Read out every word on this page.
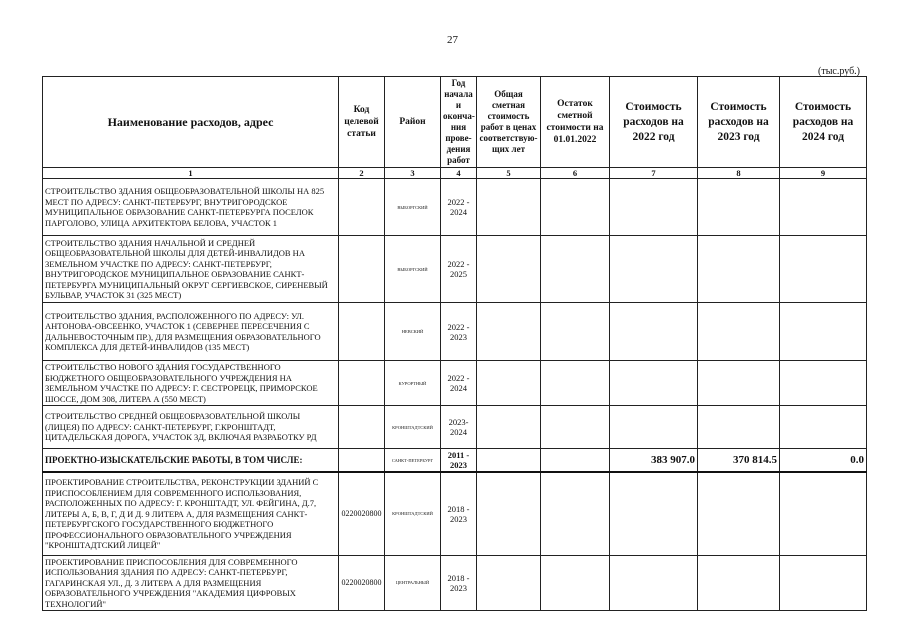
27
(тыс.руб.)
Наименование расходов, адрес	Код целевой статьи	Район	Год начала и оконча-ния прове-дения работ	Общая сметная стоимость работ в ценах соответствую-щих лет	Остаток сметной стоимости на 01.01.2022	Стоимость расходов на 2022 год	Стоимость расходов на 2023 год	Стоимость расходов на 2024 год
1	2	3	4	5	6	7	8	9
СТРОИТЕЛЬСТВО ЗДАНИЯ ОБЩЕОБРАЗОВАТЕЛЬНОЙ ШКОЛЫ НА 825 МЕСТ ПО АДРЕСУ: САНКТ-ПЕТЕРБУРГ, ВНУТРИГОРОДСКОЕ МУНИЦИПАЛЬНОЕ ОБРАЗОВАНИЕ САНКТ-ПЕТЕРБУРГА ПОСЕЛОК ПАРГОЛОВО, УЛИЦА АРХИТЕКТОРА БЕЛОВА, УЧАСТОК 1		ВЫБОРГСКИЙ	2022 - 2024					
СТРОИТЕЛЬСТВО ЗДАНИЯ НАЧАЛЬНОЙ И СРЕДНЕЙ ОБЩЕОБРАЗОВАТЕЛЬНОЙ ШКОЛЫ ДЛЯ ДЕТЕЙ-ИНВАЛИДОВ НА ЗЕМЕЛЬНОМ УЧАСТКЕ ПО АДРЕСУ: САНКТ-ПЕТЕРБУРГ, ВНУТРИГОРОДСКОЕ МУНИЦИПАЛЬНОЕ ОБРАЗОВАНИЕ САНКТ-ПЕТЕРБУРГА МУНИЦИПАЛЬНЫЙ ОКРУГ СЕРГИЕВСКОЕ, СИРЕНЕВЫЙ БУЛЬВАР, УЧАСТОК 31 (325 МЕСТ)		ВЫБОРГСКИЙ	2022 - 2025					
СТРОИТЕЛЬСТВО ЗДАНИЯ, РАСПОЛОЖЕННОГО ПО АДРЕСУ: УЛ. АНТОНОВА-ОВСЕЕНКО, УЧАСТОК 1 (СЕВЕРНЕЕ ПЕРЕСЕЧЕНИЯ С ДАЛЬНЕВОСТОЧНЫМ ПР.), ДЛЯ РАЗМЕЩЕНИЯ ОБРАЗОВАТЕЛЬНОГО КОМПЛЕКСА ДЛЯ ДЕТЕЙ-ИНВАЛИДОВ (135 МЕСТ)		НЕВСКИЙ	2022 - 2023					
СТРОИТЕЛЬСТВО НОВОГО ЗДАНИЯ ГОСУДАРСТВЕННОГО БЮДЖЕТНОГО ОБЩЕОБРАЗОВАТЕЛЬНОГО УЧРЕЖДЕНИЯ НА ЗЕМЕЛЬНОМ УЧАСТКЕ ПО АДРЕСУ: Г. СЕСТРОРЕЦК, ПРИМОРСКОЕ ШОССЕ, ДОМ 308, ЛИТЕРА А (550 МЕСТ)		КУРОРТНЫЙ	2022 - 2024					
СТРОИТЕЛЬСТВО СРЕДНЕЙ ОБЩЕОБРАЗОВАТЕЛЬНОЙ ШКОЛЫ (ЛИЦЕЯ) ПО АДРЕСУ: САНКТ-ПЕТЕРБУРГ, Г.КРОНШТАДТ, ЦИТАДЕЛЬСКАЯ ДОРОГА, УЧАСТОК 3Д, ВКЛЮЧАЯ РАЗРАБОТКУ РД		КРОНШТАДТСКИЙ	2023-2024					
ПРОЕКТНО-ИЗЫСКАТЕЛЬСКИЕ РАБОТЫ, В ТОМ ЧИСЛЕ:		САНКТ-ПЕТЕРБУРГ	2011 - 2023			383 907.0	370 814.5	0.0
ПРОЕКТИРОВАНИЕ СТРОИТЕЛЬСТВА, РЕКОНСТРУКЦИИ ЗДАНИЙ С ПРИСПОСОБЛЕНИЕМ ДЛЯ СОВРЕМЕННОГО ИСПОЛЬЗОВАНИЯ, РАСПОЛОЖЕННЫХ ПО АДРЕСУ: Г. КРОНШТАДТ, УЛ. ФЕЙГИНА, Д.7, ЛИТЕРЫ А, Б, В, Г, Д И Д. 9 ЛИТЕРА А, ДЛЯ РАЗМЕЩЕНИЯ САНКТ-ПЕТЕРБУРГСКОГО ГОСУДАРСТВЕННОГО БЮДЖЕТНОГО ПРОФЕССИОНАЛЬНОГО ОБРАЗОВАТЕЛЬНОГО УЧРЕЖДЕНИЯ "КРОНШТАДТСКИЙ ЛИЦЕЙ"	0220020800	КРОНШТАДТСКИЙ	2018 - 2023					
ПРОЕКТИРОВАНИЕ ПРИСПОСОБЛЕНИЯ ДЛЯ СОВРЕМЕННОГО ИСПОЛЬЗОВАНИЯ ЗДАНИЯ ПО АДРЕСУ: САНКТ-ПЕТЕРБУРГ, ГАГАРИНСКАЯ УЛ., Д. 3 ЛИТЕРА А ДЛЯ РАЗМЕЩЕНИЯ ОБРАЗОВАТЕЛЬНОГО УЧРЕЖДЕНИЯ "АКАДЕМИЯ ЦИФРОВЫХ ТЕХНОЛОГИЙ"	0220020800	ЦЕНТРАЛЬНЫЙ	2018 - 2023					
